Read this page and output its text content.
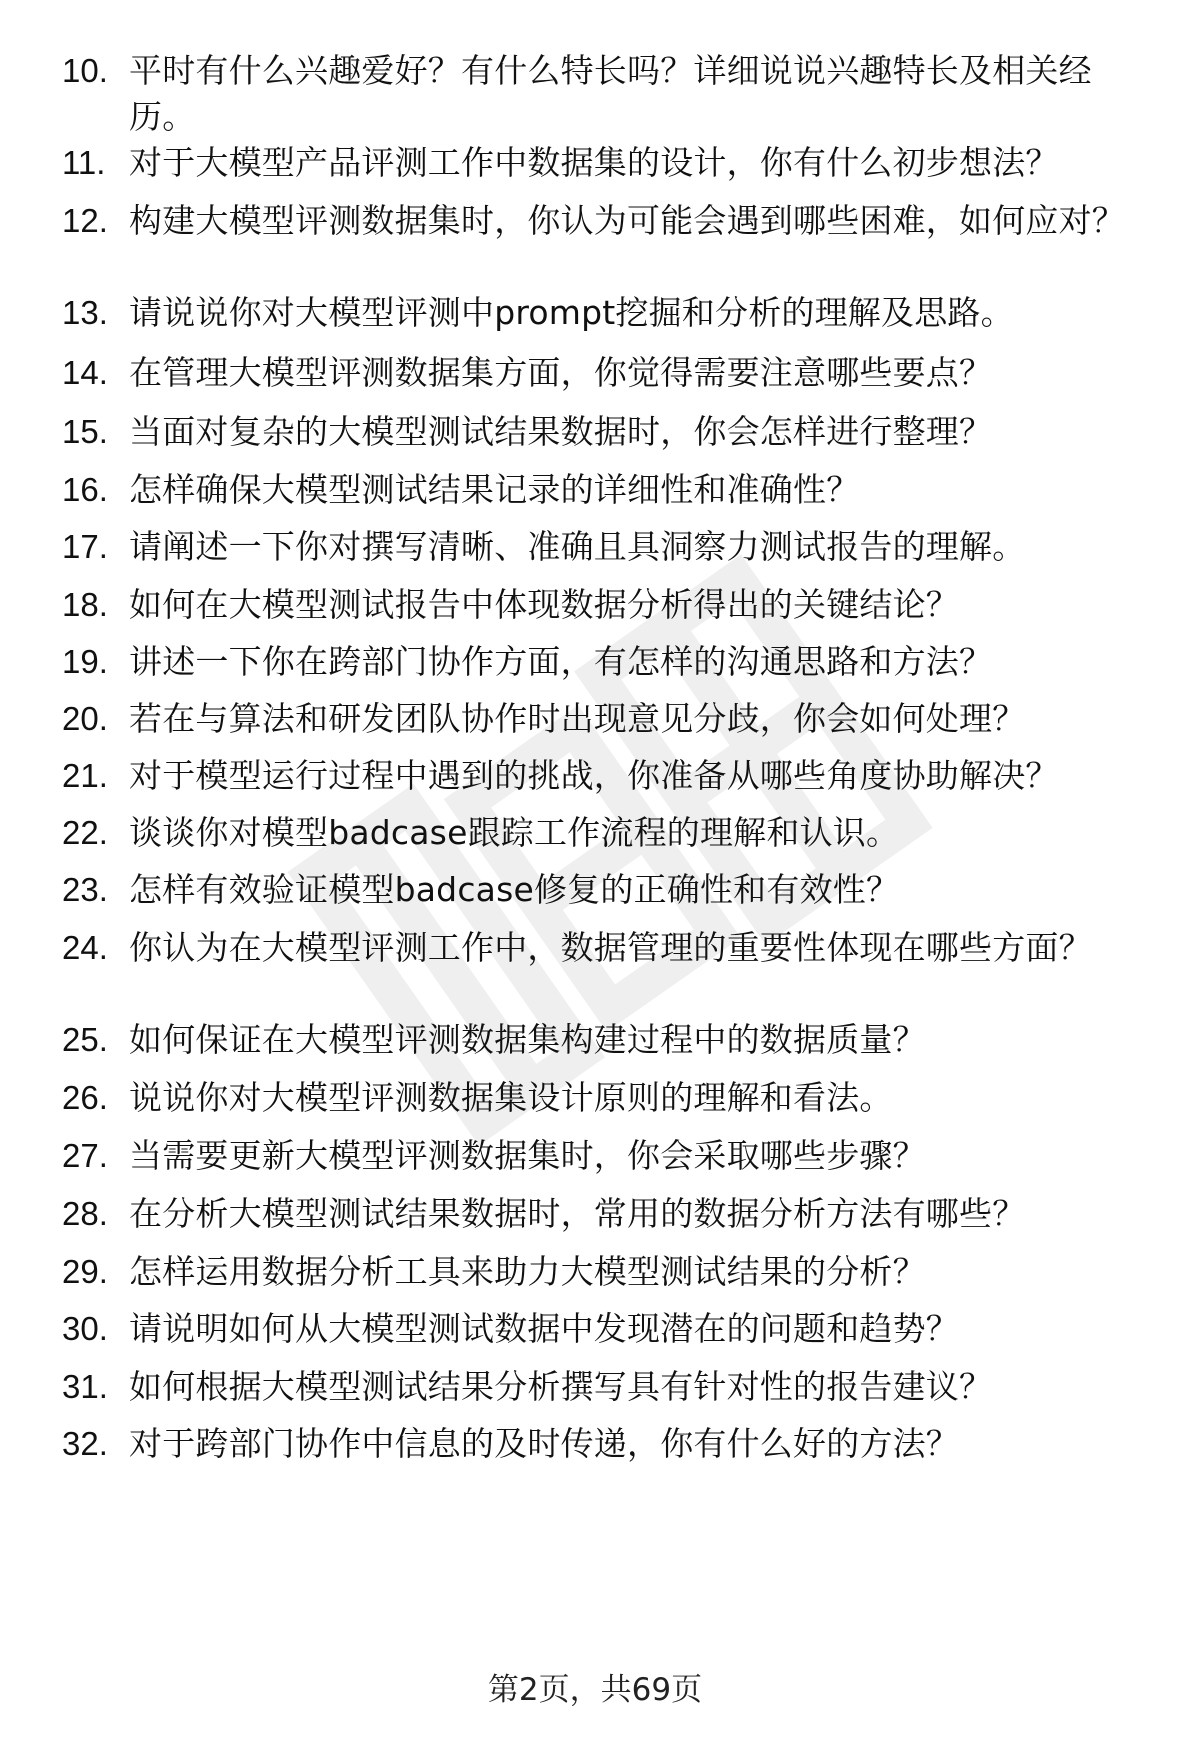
10. 平时有什么兴趣爱好？有什么特长吗？详细说说兴趣特长及相关经历。
11. 对于大模型产品评测工作中数据集的设计，你有什么初步想法？
12. 构建大模型评测数据集时，你认为可能会遇到哪些困难，如何应对？
13. 请说说你对大模型评测中prompt挖掘和分析的理解及思路。
14. 在管理大模型评测数据集方面，你觉得需要注意哪些要点？
15. 当面对复杂的大模型测试结果数据时，你会怎样进行整理？
16. 怎样确保大模型测试结果记录的详细性和准确性？
17. 请阐述一下你对撰写清晰、准确且具洞察力测试报告的理解。
18. 如何在大模型测试报告中体现数据分析得出的关键结论？
19. 讲述一下你在跨部门协作方面，有怎样的沟通思路和方法？
20. 若在与算法和研发团队协作时出现意见分歧，你会如何处理？
21. 对于模型运行过程中遇到的挑战，你准备从哪些角度协助解决？
22. 谈谈你对模型badcase跟踪工作流程的理解和认识。
23. 怎样有效验证模型badcase修复的正确性和有效性？
24. 你认为在大模型评测工作中，数据管理的重要性体现在哪些方面？
25. 如何保证在大模型评测数据集构建过程中的数据质量？
26. 说说你对大模型评测数据集设计原则的理解和看法。
27. 当需要更新大模型评测数据集时，你会采取哪些步骤？
28. 在分析大模型测试结果数据时，常用的数据分析方法有哪些？
29. 怎样运用数据分析工具来助力大模型测试结果的分析？
30. 请说明如何从大模型测试数据中发现潜在的问题和趋势？
31. 如何根据大模型测试结果分析撰写具有针对性的报告建议？
32. 对于跨部门协作中信息的及时传递，你有什么好的方法？
第2页，共69页
